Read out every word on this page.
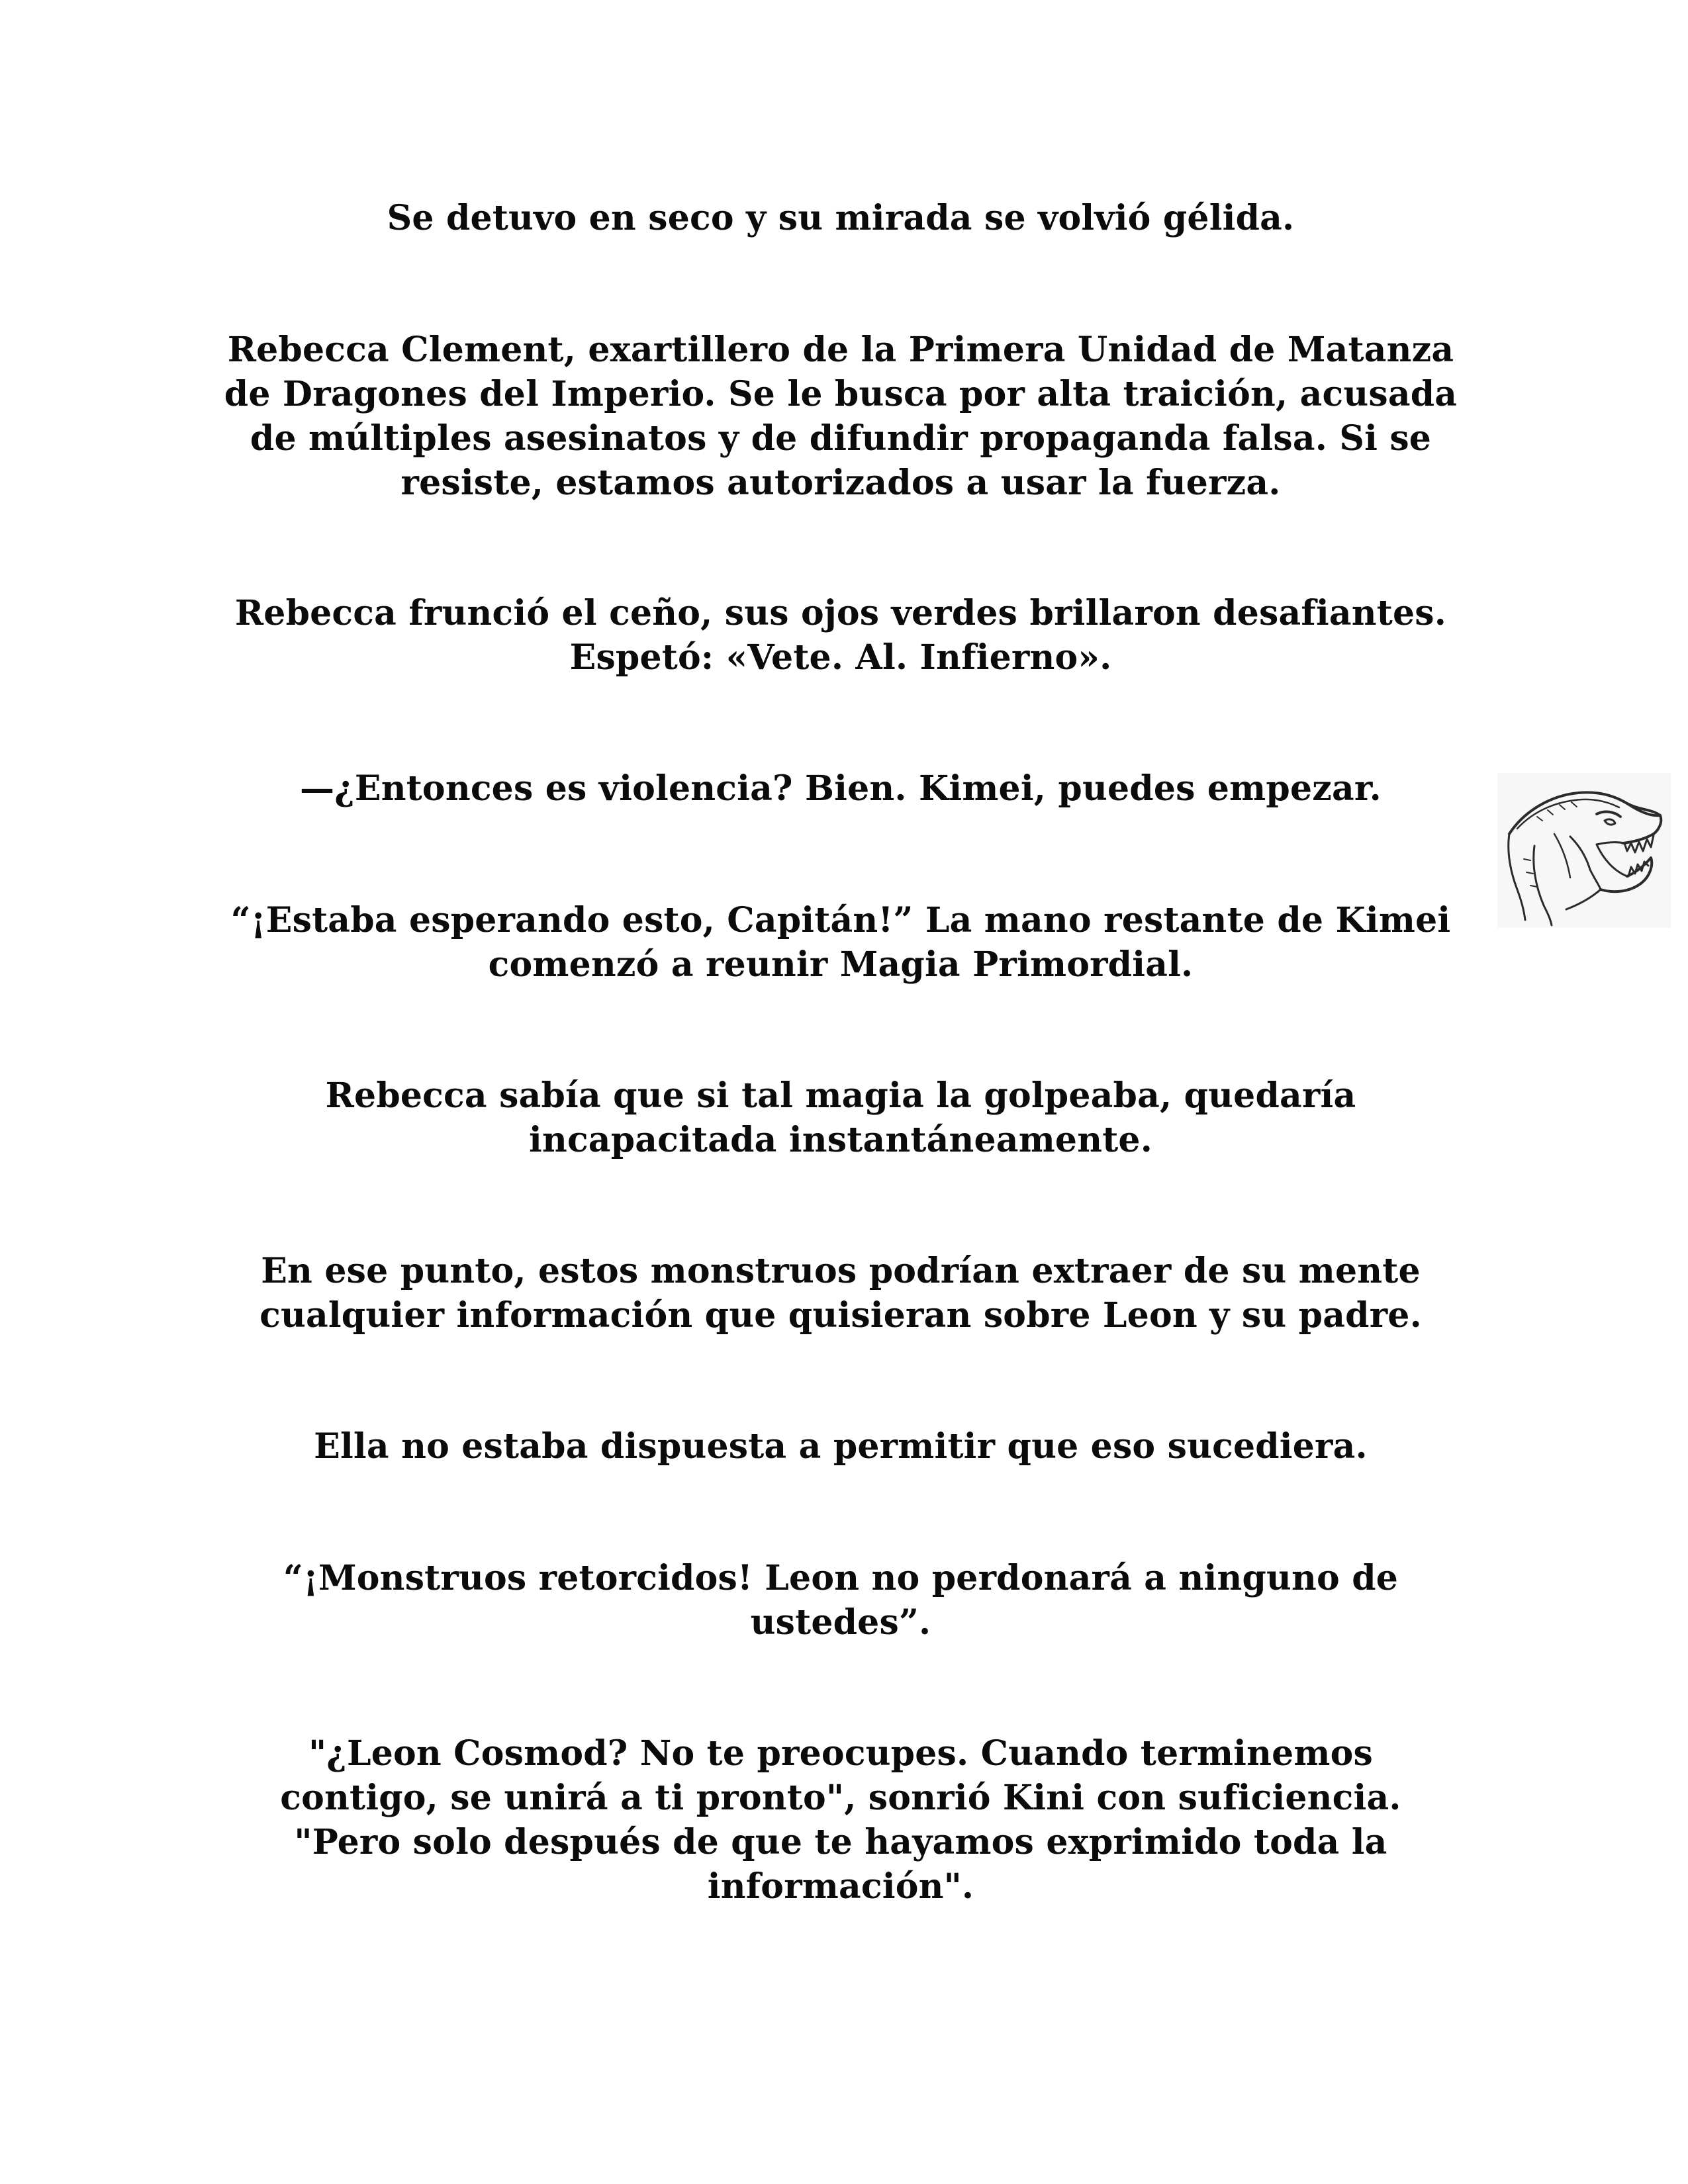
Se detuvo en seco y su mirada se volvió gélida.

Rebecca Clement, exartillero de la Primera Unidad de Matanza
de Dragones del Imperio. Se le busca por alta traición, acusada
de múltiples asesinatos y de difundir propaganda falsa. Si se
resiste, estamos autorizados a usar la fuerza.

Rebecca frunció el ceño, sus ojos verdes brillaron desafiantes.
Espetó: «Vete. Al. Infierno».

—¿Entonces es violencia? Bien. Kimei, puedes empezar.

“¡Estaba esperando esto, Capitán!” La mano restante de Kimei
comenzó a reunir Magia Primordial.

Rebecca sabía que si tal magia la golpeaba, quedaría
incapacitada instantáneamente.

En ese punto, estos monstruos podrían extraer de su mente
cualquier información que quisieran sobre Leon y su padre.

Ella no estaba dispuesta a permitir que eso sucediera.

“¡Monstruos retorcidos! Leon no perdonará a ninguno de
ustedes”.

"¿Leon Cosmod? No te preocupes. Cuando terminemos
contigo, se unirá a ti pronto", sonrió Kini con suficiencia.
"Pero solo después de que te hayamos exprimido toda la
información".
